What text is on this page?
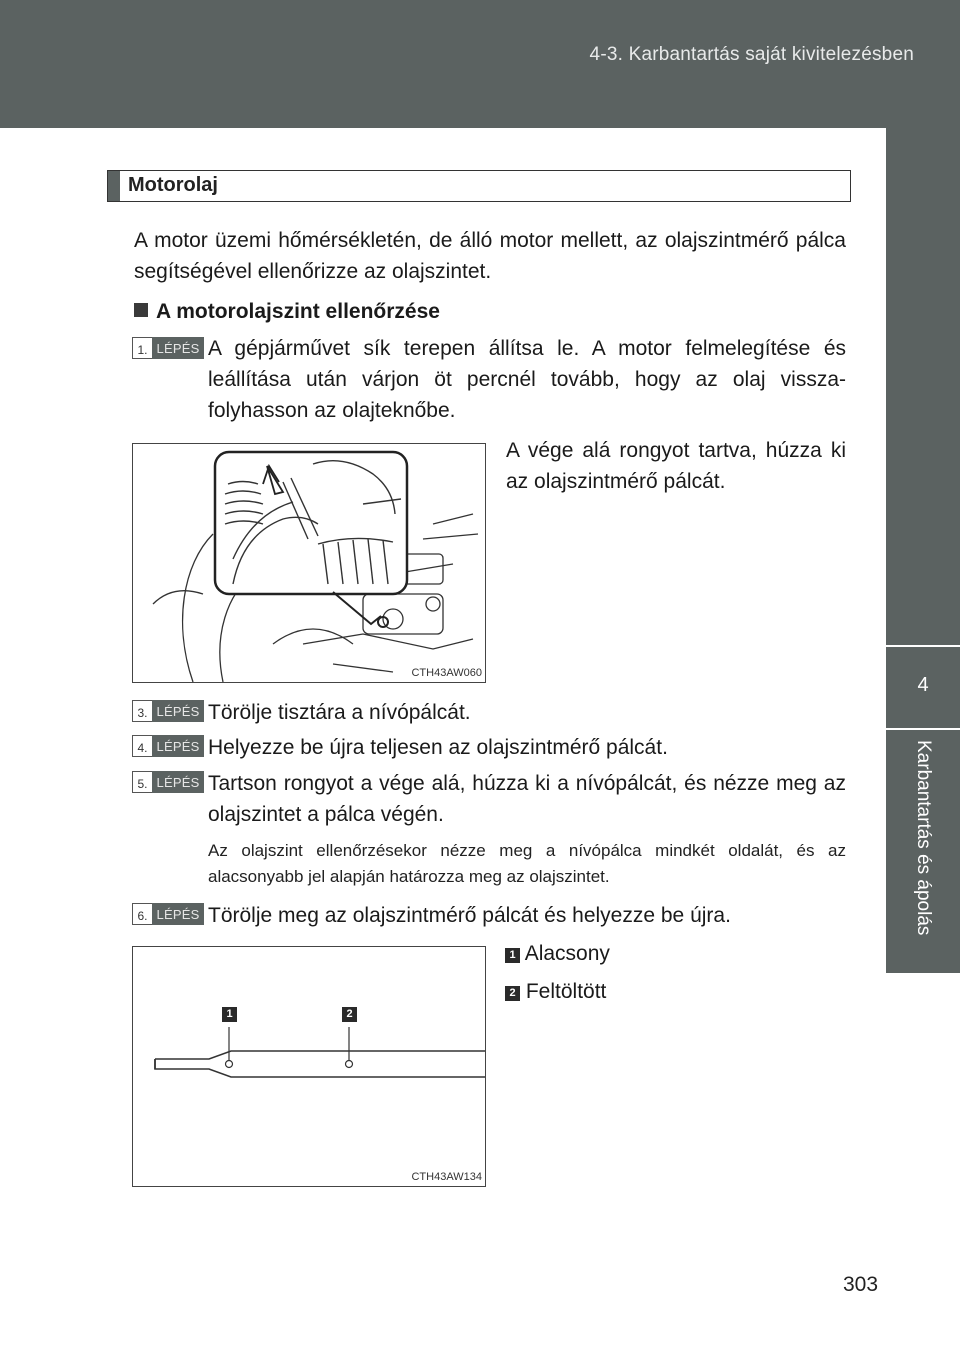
4-3. Karbantartás saját kivitelezésben
4
Karbantartás és ápolás
Motorolaj
A motor üzemi hőmérsékletén, de álló motor mellett, az olajszintmérő pálca segítségével ellenőrizze az olajszintet.
A motorolajszint ellenőrzése
1. LÉPÉS A gépjárművet sík terepen állítsa le. A motor felmelegítése és leállítása után várjon öt percnél tovább, hogy az olaj vissza-folyhasson az olajteknőbe.
A vége alá rongyot tartva, húzza ki az olajszintmérő pálcát.
CTH43AW060
3. LÉPÉS Törölje tisztára a nívópálcát.
4. LÉPÉS Helyezze be újra teljesen az olajszintmérő pálcát.
5. LÉPÉS Tartson rongyot a vége alá, húzza ki a nívópálcát, és nézze meg az olajszintet a pálca végén.
Az olajszint ellenőrzésekor nézze meg a nívópálca mindkét oldalát, és az alacsonyabb jel alapján határozza meg az olajszintet.
6. LÉPÉS Törölje meg az olajszintmérő pálcát és helyezze be újra.
1	2
CTH43AW134
1 Alacsony
2 Feltöltött
303
